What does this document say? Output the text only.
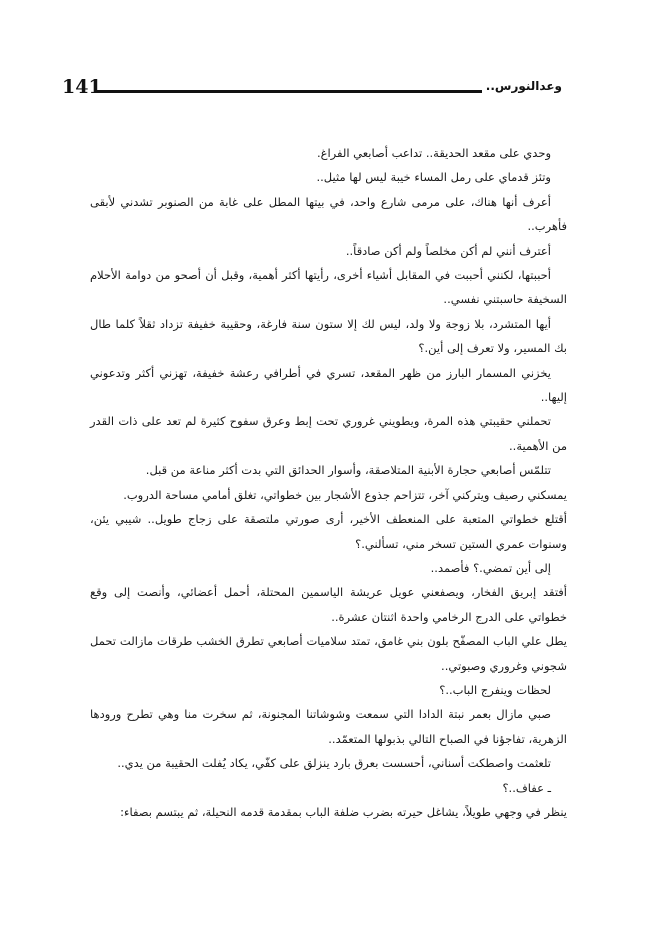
141	وعدالنورس..

وحدي على مقعد الحديقة.. تداعب أصابعي الفراغ.

وتئز قدماي على رمل المساء خيبة ليس لها مثيل..

أعرف أنها هناك، على مرمى شارع واحد، في بيتها المطل على غابة من الصنوبر تشدني لأبقى فأهرب..

أعترف أنني لم أكن مخلصاً ولم أكن صادقاً..

أحببتها، لكنني أحببت في المقابل أشياء أخرى، رأيتها أكثر أهمية، وقبل أن أصحو من دوامة الأحلام السخيفة حاسبتني نفسي..

أيها المتشرد، بلا زوجة ولا ولد، ليس لك إلا ستون سنة فارغة، وحقيبة خفيفة تزداد ثقلاً كلما طال بك المسير، ولا تعرف إلى أين.؟

يخزني المسمار البارز من ظهر المقعد، تسري في أطرافي رعشة خفيفة، تهزني أكثر وتدعوني إليها..

تحملني حقيبتي هذه المرة، ويطويني غروري تحت إبط وعرق سفوح كثيرة لم تعد على ذات القدر من الأهمية..

تتلمّس أصابعي حجارة الأبنية المتلاصقة، وأسوار الحدائق التي بدت أكثر مناعة من قبل.

يمسكني رصيف ويتركني آخر، تتزاحم جذوع الأشجار بين خطواتي، تغلق أمامي مساحة الدروب.

أقتلع خطواتي المتعبة على المنعطف الأخير، أرى صورتي ملتصقة على زجاج طويل.. شيبي يئن، وسنوات عمري الستين تسخر مني، تسألني.؟

إلى أين تمضي.؟ فأصمد..

أفتقد إبريق الفخار، ويصفعني عويل عريشة الياسمين المحتلة، أحمل أعضائي، وأنصت إلى وقع خطواتي على الدرج الرخامي واحدة اثنتان عشرة..

يطل علي الباب المصفّح بلون بني غامق، تمتد سلاميات أصابعي تطرق الخشب طرقات مازالت تحمل شجوني وغروري وصبوتي..

لحظات وينفرج الباب..؟

صبي مازال بعمر نبتة الدادا التي سمعت وشوشاتنا المجنونة، ثم سخرت منا وهي تطرح ورودها الزهرية، تفاجؤنا في الصباح التالي بذبولها المتعمّد..

تلعثمت واصطكت أسناني، أحسست بعرق بارد ينزلق على كفّي، يكاد يُفلت الحقيبة من يدي..

ـ عفاف..؟

ينظر في وجهي طويلاً، يشاغل حيرته بضرب ضلفة الباب بمقدمة قدمه النحيلة، ثم يبتسم بصفاء:
